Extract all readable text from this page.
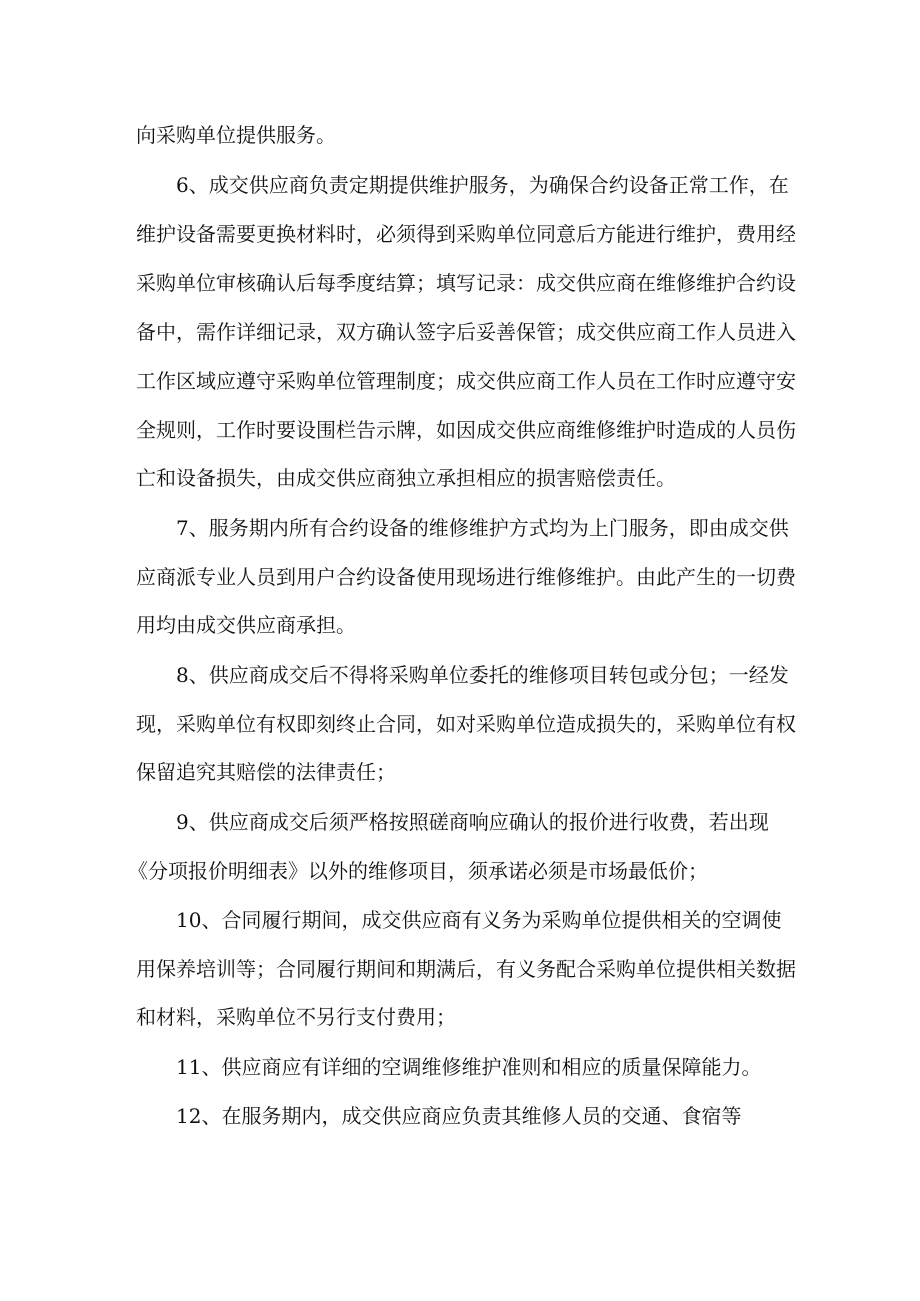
向采购单位提供服务。
6、成交供应商负责定期提供维护服务，为确保合约设备正常工作，在
维护设备需要更换材料时，必须得到采购单位同意后方能进行维护，费用经
采购单位审核确认后每季度结算；填写记录：成交供应商在维修维护合约设
备中，需作详细记录，双方确认签字后妥善保管；成交供应商工作人员进入
工作区域应遵守采购单位管理制度；成交供应商工作人员在工作时应遵守安
全规则，工作时要设围栏告示牌，如因成交供应商维修维护时造成的人员伤
亡和设备损失，由成交供应商独立承担相应的损害赔偿责任。
7、服务期内所有合约设备的维修维护方式均为上门服务，即由成交供
应商派专业人员到用户合约设备使用现场进行维修维护。由此产生的一切费
用均由成交供应商承担。
8、供应商成交后不得将采购单位委托的维修项目转包或分包；一经发
现，采购单位有权即刻终止合同，如对采购单位造成损失的，采购单位有权
保留追究其赔偿的法律责任；
9、供应商成交后须严格按照磋商响应确认的报价进行收费，若出现
《分项报价明细表》以外的维修项目，须承诺必须是市场最低价；
10、合同履行期间，成交供应商有义务为采购单位提供相关的空调使
用保养培训等；合同履行期间和期满后，有义务配合采购单位提供相关数据
和材料，采购单位不另行支付费用；
11、供应商应有详细的空调维修维护准则和相应的质量保障能力。
12、在服务期内，成交供应商应负责其维修人员的交通、食宿等
